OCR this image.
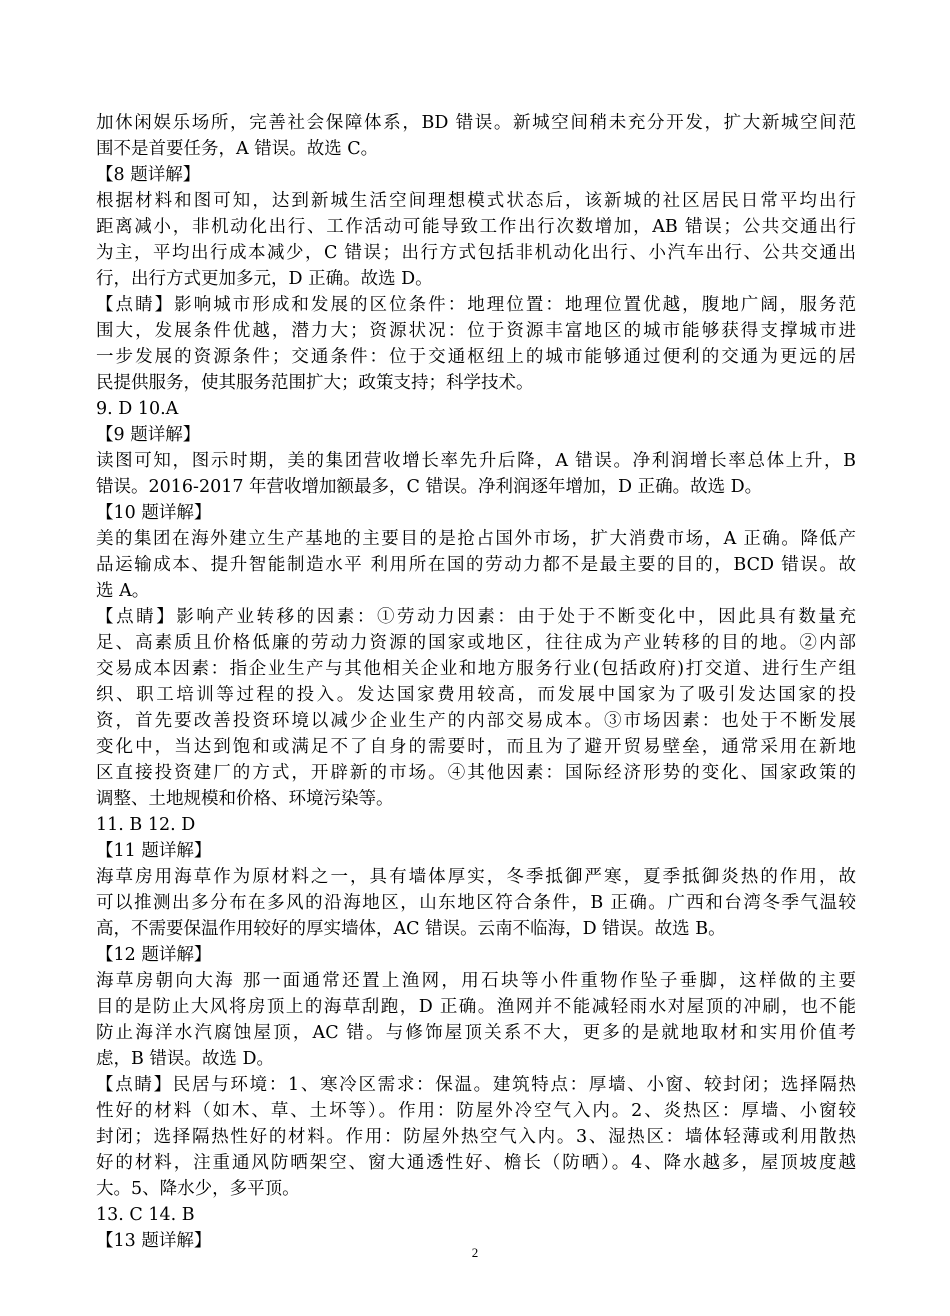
加休闲娱乐场所，完善社会保障体系，BD 错误。新城空间稍未充分开发，扩大新城空间范
围不是首要任务，A 错误。故选 C。
【8 题详解】
根据材料和图可知，达到新城生活空间理想模式状态后，该新城的社区居民日常平均出行
距离减小，非机动化出行、工作活动可能导致工作出行次数增加，AB 错误；公共交通出行
为主，平均出行成本减少，C 错误；出行方式包括非机动化出行、小汽车出行、公共交通出
行，出行方式更加多元，D 正确。故选 D。
【点睛】影响城市形成和发展的区位条件：地理位置：地理位置优越，腹地广阔，服务范
围大，发展条件优越，潜力大；资源状况：位于资源丰富地区的城市能够获得支撑城市进
一步发展的资源条件；交通条件：位于交通枢纽上的城市能够通过便利的交通为更远的居
民提供服务，使其服务范围扩大；政策支持；科学技术。
9. D 10.A
【9 题详解】
读图可知，图示时期，美的集团营收增长率先升后降，A 错误。净利润增长率总体上升，B
错误。2016-2017 年营收增加额最多，C 错误。净利润逐年增加，D 正确。故选 D。
【10 题详解】
美的集团在海外建立生产基地的主要目的是抢占国外市场，扩大消费市场，A 正确。降低产
品运输成本、提升智能制造水平 利用所在国的劳动力都不是最主要的目的，BCD 错误。故
选 A。
【点睛】影响产业转移的因素：①劳动力因素：由于处于不断变化中，因此具有数量充
足、高素质且价格低廉的劳动力资源的国家或地区，往往成为产业转移的目的地。②内部
交易成本因素：指企业生产与其他相关企业和地方服务行业(包括政府)打交道、进行生产组
织、职工培训等过程的投入。发达国家费用较高，而发展中国家为了吸引发达国家的投
资，首先要改善投资环境以减少企业生产的内部交易成本。③市场因素：也处于不断发展
变化中，当达到饱和或满足不了自身的需要时，而且为了避开贸易壁垒，通常采用在新地
区直接投资建厂的方式，开辟新的市场。④其他因素：国际经济形势的变化、国家政策的
调整、土地规模和价格、环境污染等。
11. B 12. D
【11 题详解】
海草房用海草作为原材料之一，具有墙体厚实，冬季抵御严寒，夏季抵御炎热的作用，故
可以推测出多分布在多风的沿海地区，山东地区符合条件，B 正确。广西和台湾冬季气温较
高，不需要保温作用较好的厚实墙体，AC 错误。云南不临海，D 错误。故选 B。
【12 题详解】
海草房朝向大海 那一面通常还置上渔网，用石块等小件重物作坠子垂脚，这样做的主要
目的是防止大风将房顶上的海草刮跑，D 正确。渔网并不能减轻雨水对屋顶的冲刷，也不能
防止海洋水汽腐蚀屋顶，AC 错。与修饰屋顶关系不大，更多的是就地取材和实用价值考
虑，B 错误。故选 D。
【点睛】民居与环境：1、寒冷区需求：保温。建筑特点：厚墙、小窗、较封闭；选择隔热
性好的材料（如木、草、土坏等）。作用：防屋外冷空气入内。2、炎热区：厚墙、小窗较
封闭；选择隔热性好的材料。作用：防屋外热空气入内。3、湿热区：墙体轻薄或利用散热
好的材料，注重通风防晒架空、窗大通透性好、檐长（防晒）。4、降水越多，屋顶坡度越
大。5、降水少，多平顶。
13. C 14. B
【13 题详解】
2
